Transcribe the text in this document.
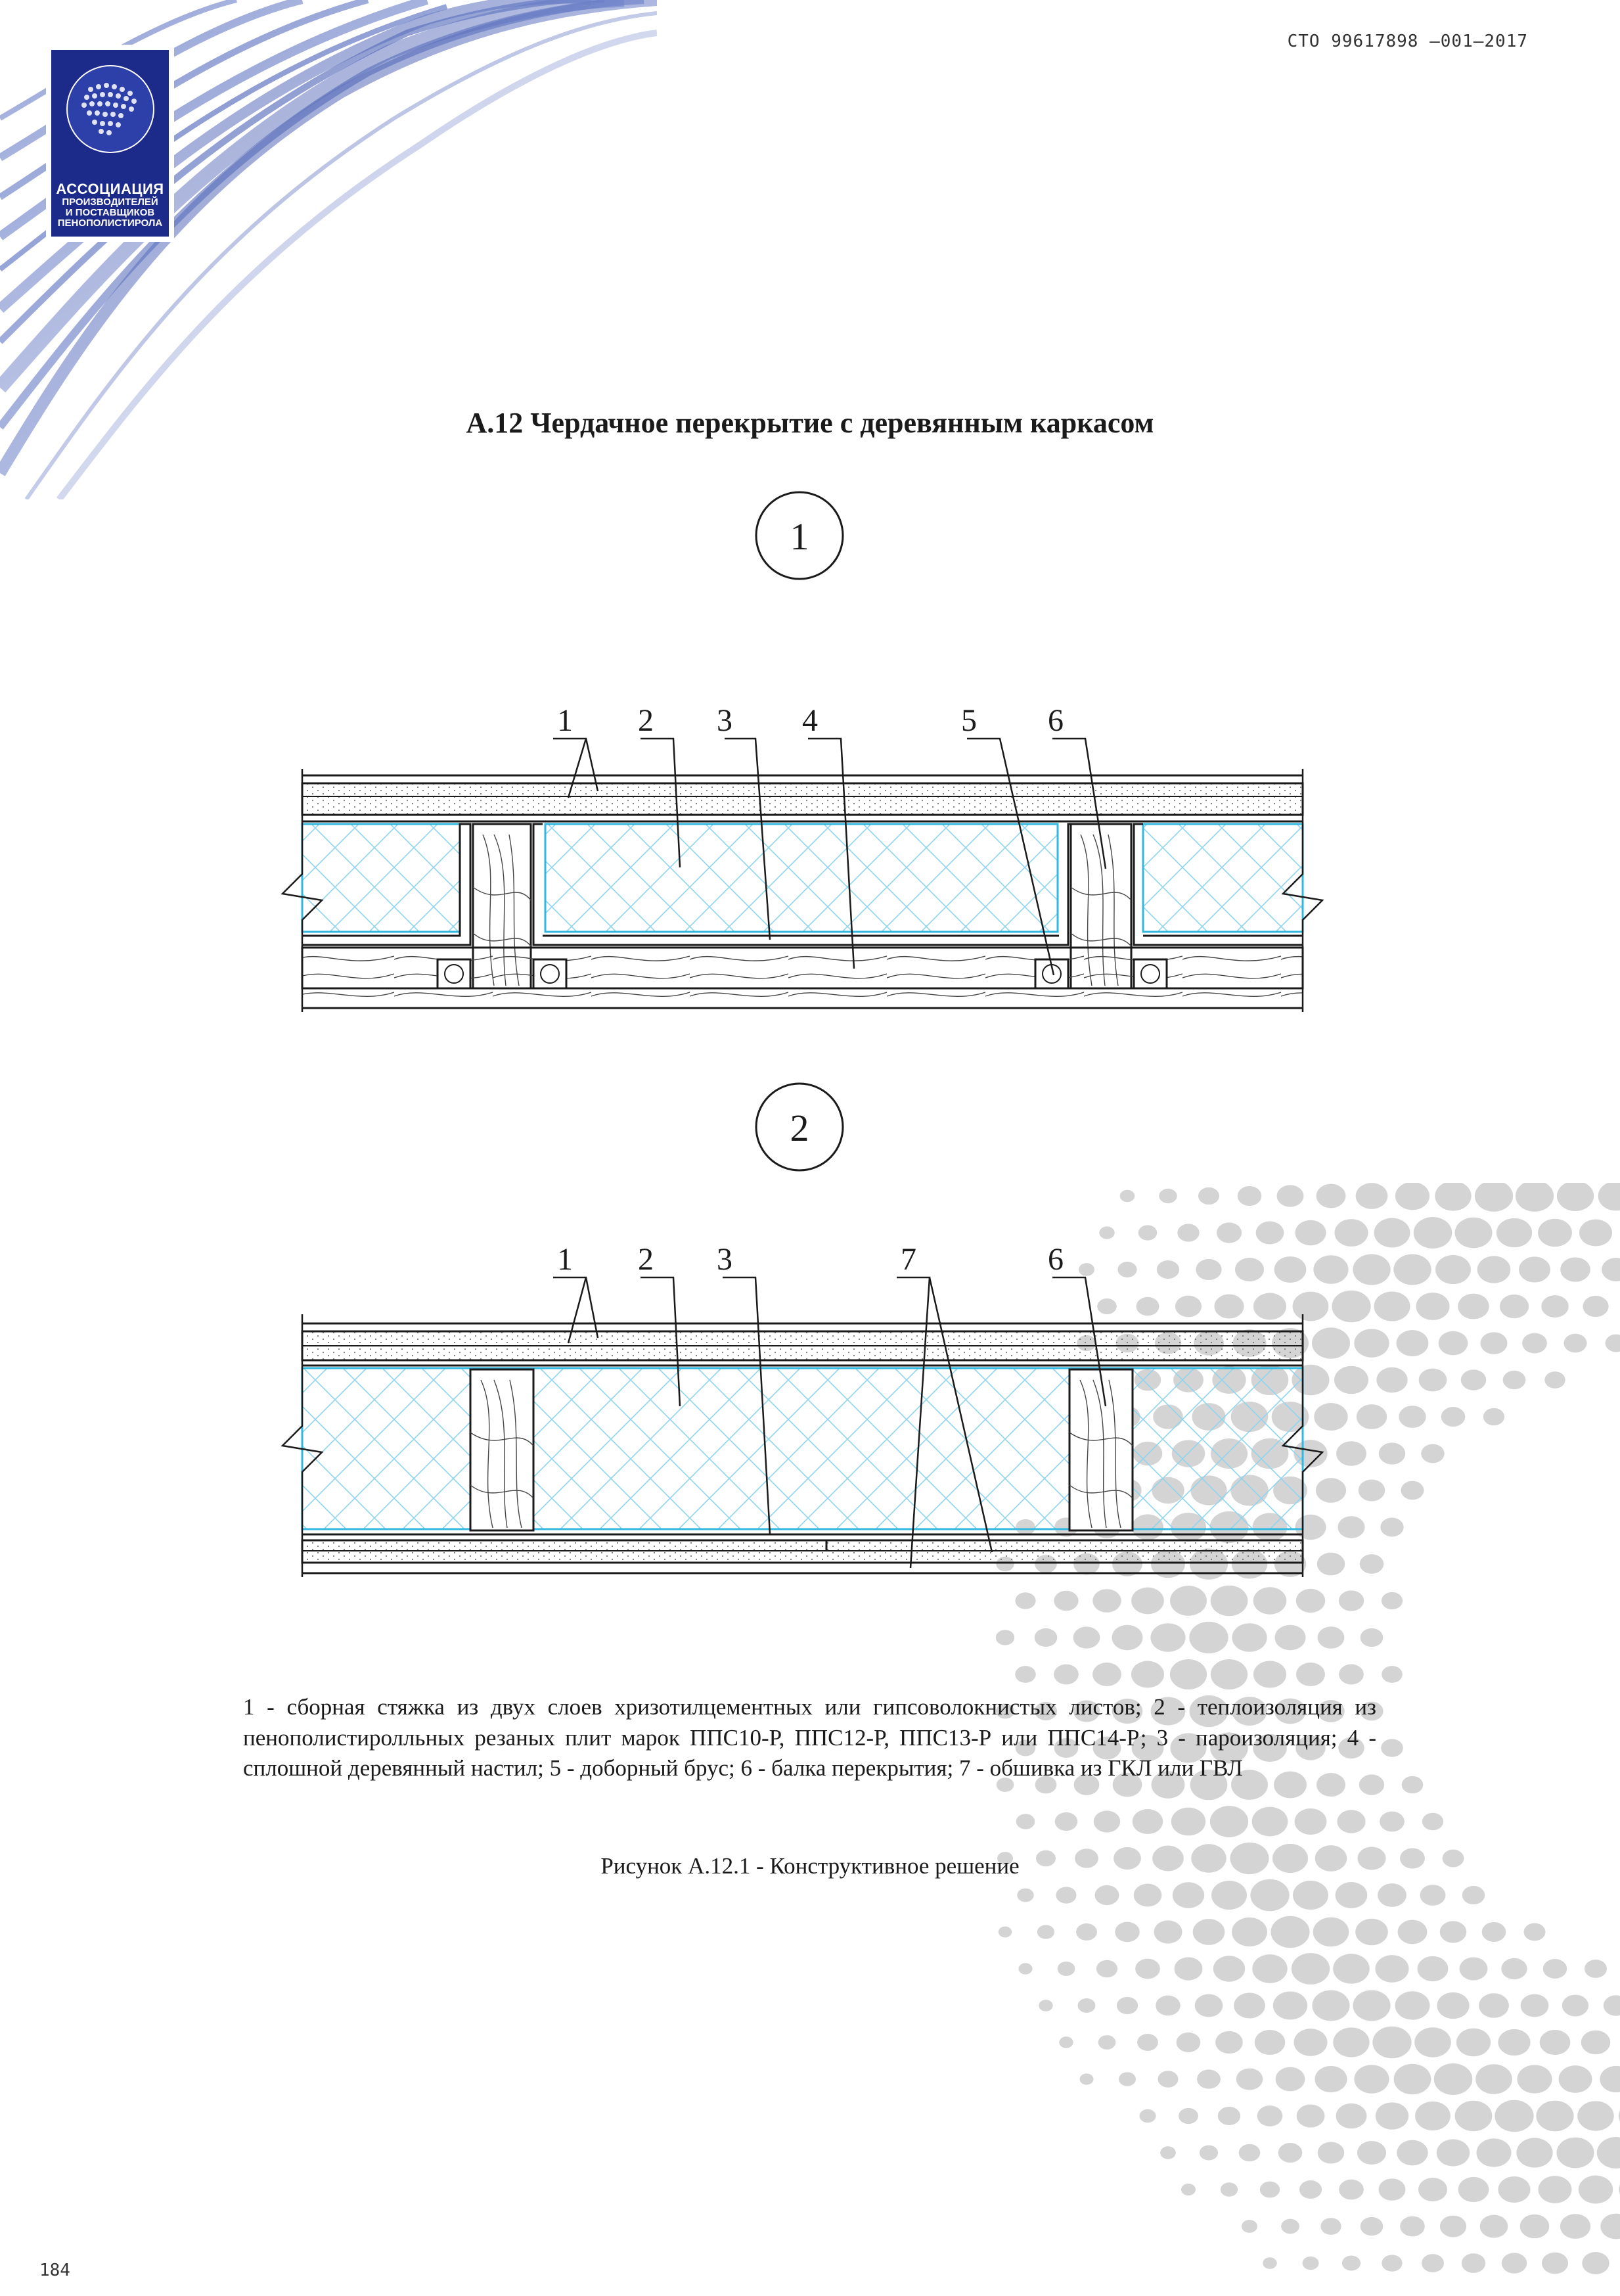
АССОЦИАЦИЯ
ПРОИЗВОДИТЕЛЕЙ
И ПОСТАВЩИКОВ
ПЕНОПОЛИСТИРОЛА
СТО 99617898 –001–2017
А.12 Чердачное перекрытие с деревянным каркасом
1
1 2 3 4	5 6
2
1 2 3	7	6
1 - сборная стяжка из двух слоев хризотилцементных или гипсоволокнистых листов; 2 - теплоизоляция из пенополистиролльных резаных плит марок ППС10-Р, ППС12-Р, ППС13-Р или ППС14-Р; 3 - пароизоляция; 4 - сплошной деревянный настил; 5 - доборный брус; 6 - балка перекрытия; 7 - обшивка из ГКЛ или ГВЛ
Рисунок А.12.1 - Конструктивное решение
184
